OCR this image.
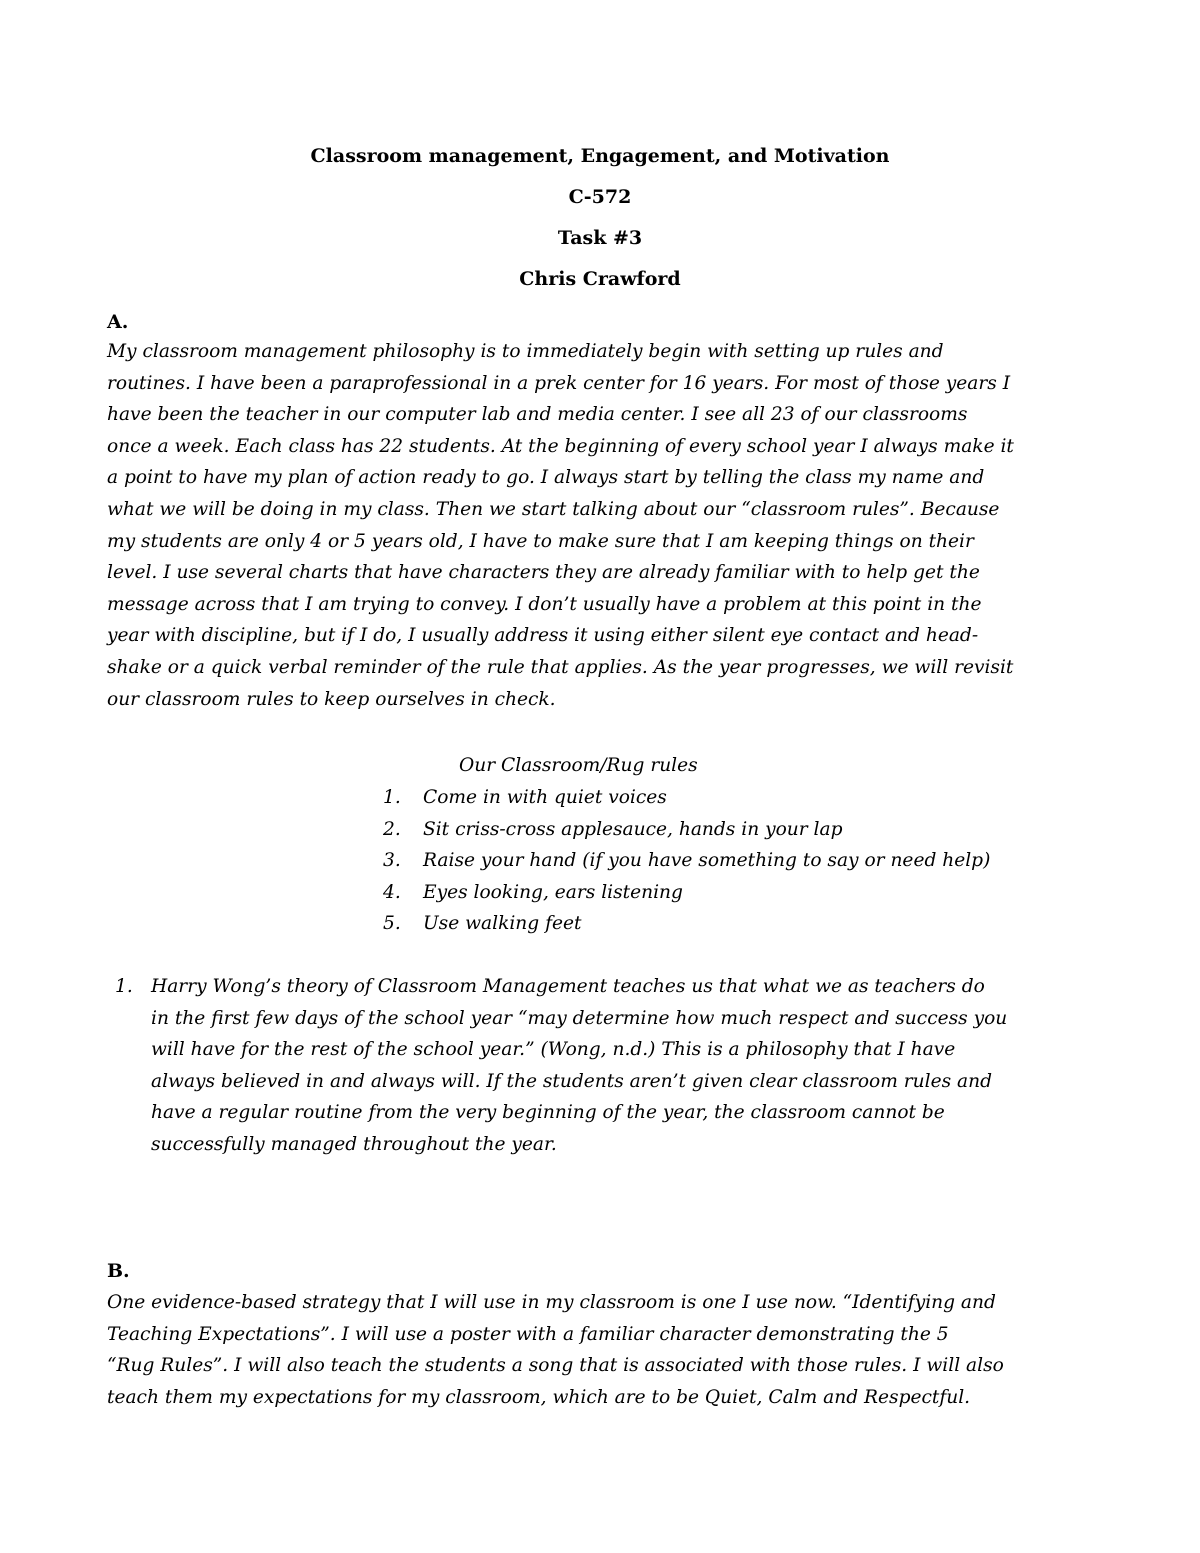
Classroom management, Engagement, and Motivation
C-572
Task #3
Chris Crawford
A.
My classroom management philosophy is to immediately begin with setting up rules and
routines. I have been a paraprofessional in a prek center for 16 years. For most of those years I
have been the teacher in our computer lab and media center. I see all 23 of our classrooms
once a week. Each class has 22 students. At the beginning of every school year I always make it
a point to have my plan of action ready to go. I always start by telling the class my name and
what we will be doing in my class. Then we start talking about our “classroom rules”. Because
my students are only 4 or 5 years old, I have to make sure that I am keeping things on their
level. I use several charts that have characters they are already familiar with to help get the
message across that I am trying to convey. I don’t usually have a problem at this point in the
year with discipline, but if I do, I usually address it using either silent eye contact and head-
shake or a quick verbal reminder of the rule that applies. As the year progresses, we will revisit
our classroom rules to keep ourselves in check.
Our Classroom/Rug rules
1. Come in with quiet voices
2. Sit criss-cross applesauce, hands in your lap
3. Raise your hand (if you have something to say or need help)
4. Eyes looking, ears listening
5. Use walking feet
1. Harry Wong’s theory of Classroom Management teaches us that what we as teachers do
in the first few days of the school year “may determine how much respect and success you
will have for the rest of the school year.” (Wong, n.d.) This is a philosophy that I have
always believed in and always will. If the students aren’t given clear classroom rules and
have a regular routine from the very beginning of the year, the classroom cannot be
successfully managed throughout the year.
B.
One evidence-based strategy that I will use in my classroom is one I use now. “Identifying and
Teaching Expectations”. I will use a poster with a familiar character demonstrating the 5
“Rug Rules”. I will also teach the students a song that is associated with those rules. I will also
teach them my expectations for my classroom, which are to be Quiet, Calm and Respectful.
